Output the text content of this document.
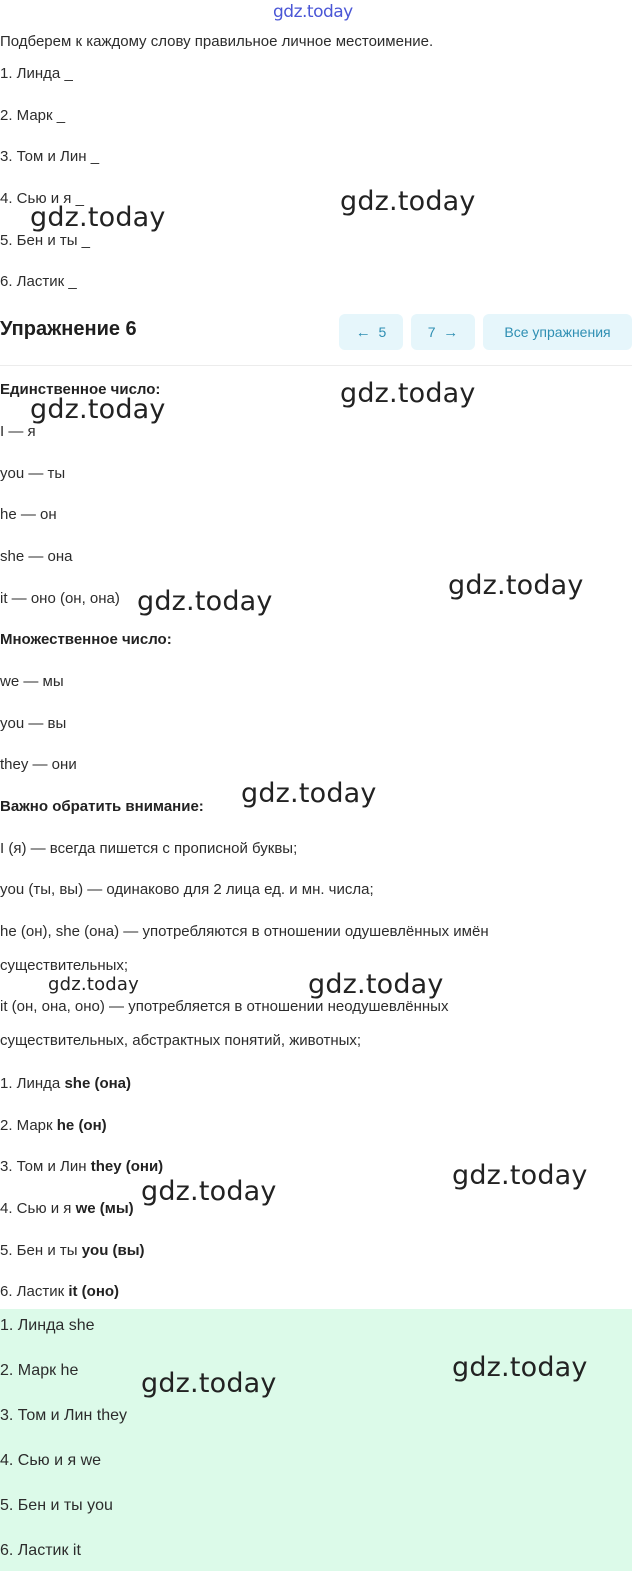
gdz.today
Подберем к каждому слову правильное личное местоимение.
1. Линда _
2. Марк _
3. Том и Лин _
4. Сью и я _
5. Бен и ты _
6. Ластик _
Упражнение 6	←
5	7
→	Все упражнения
Единственное число:
I — я
you — ты
he — он
she — она
it — оно (он, она)
Множественное число:
we — мы
you — вы
they — они
Важно обратить внимание:
I (я) — всегда пишется с прописной буквы;
you (ты, вы) — одинаково для 2 лица ед. и мн. числа;
he (он), she (она) — употребляются в отношении одушевлённых имён
существительных;
it (он, она, оно) — употребляется в отношении неодушевлённых
существительных, абстрактных понятий, животных;
1. Линда she (она)
2. Марк he (он)
3. Том и Лин they (они)
4. Сью и я we (мы)
5. Бен и ты you (вы)
6. Ластик it (оно)
1. Линда she
2. Марк he
3. Том и Лин they
4. Сью и я we
5. Бен и ты you
6. Ластик it
gdz.today
gdz.today
gdz.today
gdz.today
gdz.today
gdz.today
gdz.today
gdz.today
gdz.today
gdz.today
gdz.today
gdz.today
gdz.today
